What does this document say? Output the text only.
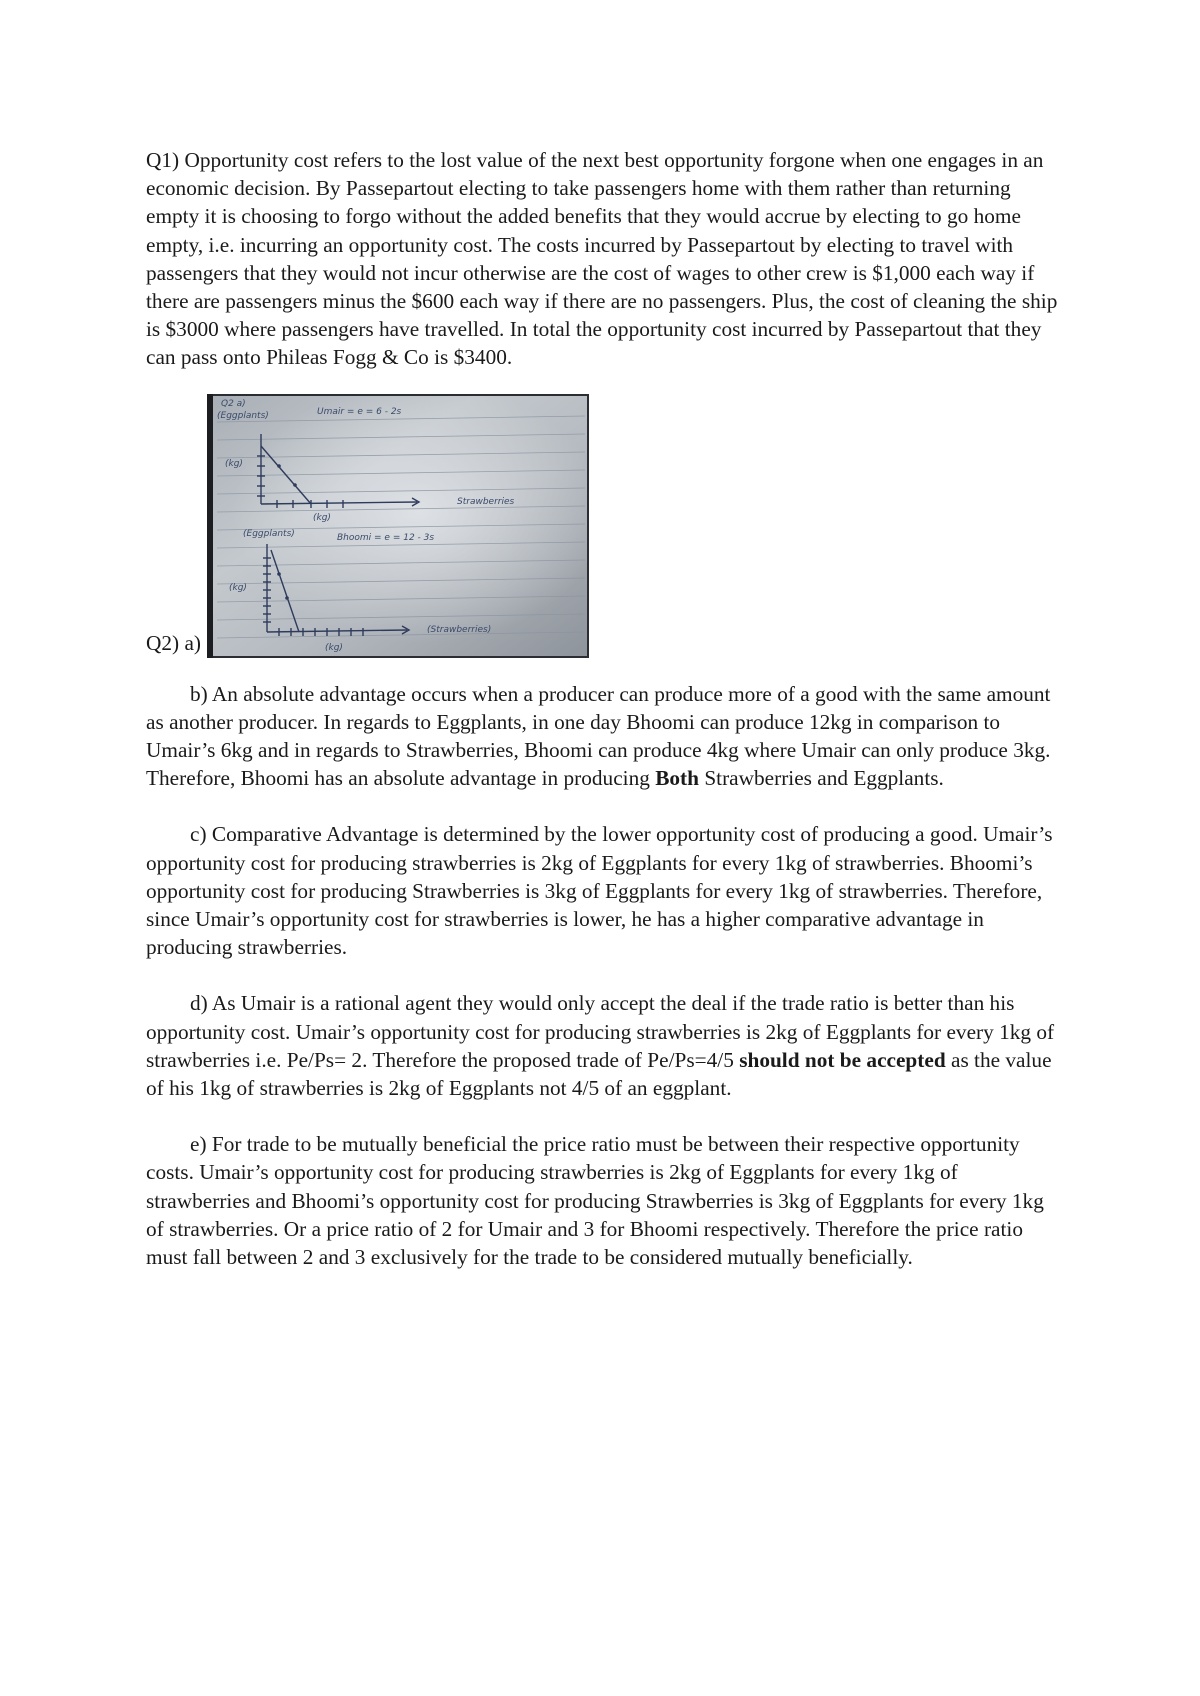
Q1) Opportunity cost refers to the lost value of the next best opportunity forgone when one engages in an economic decision. By Passepartout electing to take passengers home with them rather than returning empty it is choosing to forgo without the added benefits that they would accrue by electing to go home empty, i.e. incurring an opportunity cost. The costs incurred by Passepartout by electing to travel with passengers that they would not incur otherwise are the cost of wages to other crew is $1,000 each way if there are passengers minus the $600 each way if there are no passengers. Plus, the cost of cleaning the ship is $3000 where passengers have travelled. In total the opportunity cost incurred by Passepartout that they can pass onto Phileas Fogg & Co is $3400.

Q2) a)
Q2 a)
(Eggplants)	Umair = e = 6 - 2s
(kg)
Strawberries
(kg)
(Eggplants)	Bhoomi = e = 12 - 3s
(kg)
(Strawberries)
(kg)

b) An absolute advantage occurs when a producer can produce more of a good with the same amount as another producer. In regards to Eggplants, in one day Bhoomi can produce 12kg in comparison to Umair’s 6kg and in regards to Strawberries, Bhoomi can produce 4kg where Umair can only produce 3kg. Therefore, Bhoomi has an absolute advantage in producing Both Strawberries and Eggplants.

c) Comparative Advantage is determined by the lower opportunity cost of producing a good. Umair’s opportunity cost for producing strawberries is 2kg of Eggplants for every 1kg of strawberries. Bhoomi’s opportunity cost for producing Strawberries is 3kg of Eggplants for every 1kg of strawberries. Therefore, since Umair’s opportunity cost for strawberries is lower, he has a higher comparative advantage in producing strawberries.

d) As Umair is a rational agent they would only accept the deal if the trade ratio is better than his opportunity cost. Umair’s opportunity cost for producing strawberries is 2kg of Eggplants for every 1kg of strawberries i.e. Pe/Ps= 2. Therefore the proposed trade of Pe/Ps=4/5 should not be accepted as the value of his 1kg of strawberries is 2kg of Eggplants not 4/5 of an eggplant.

e) For trade to be mutually beneficial the price ratio must be between their respective opportunity costs. Umair’s opportunity cost for producing strawberries is 2kg of Eggplants for every 1kg of strawberries and Bhoomi’s opportunity cost for producing Strawberries is 3kg of Eggplants for every 1kg of strawberries. Or a price ratio of 2 for Umair and 3 for Bhoomi respectively. Therefore the price ratio must fall between 2 and 3 exclusively for the trade to be considered mutually beneficially.
